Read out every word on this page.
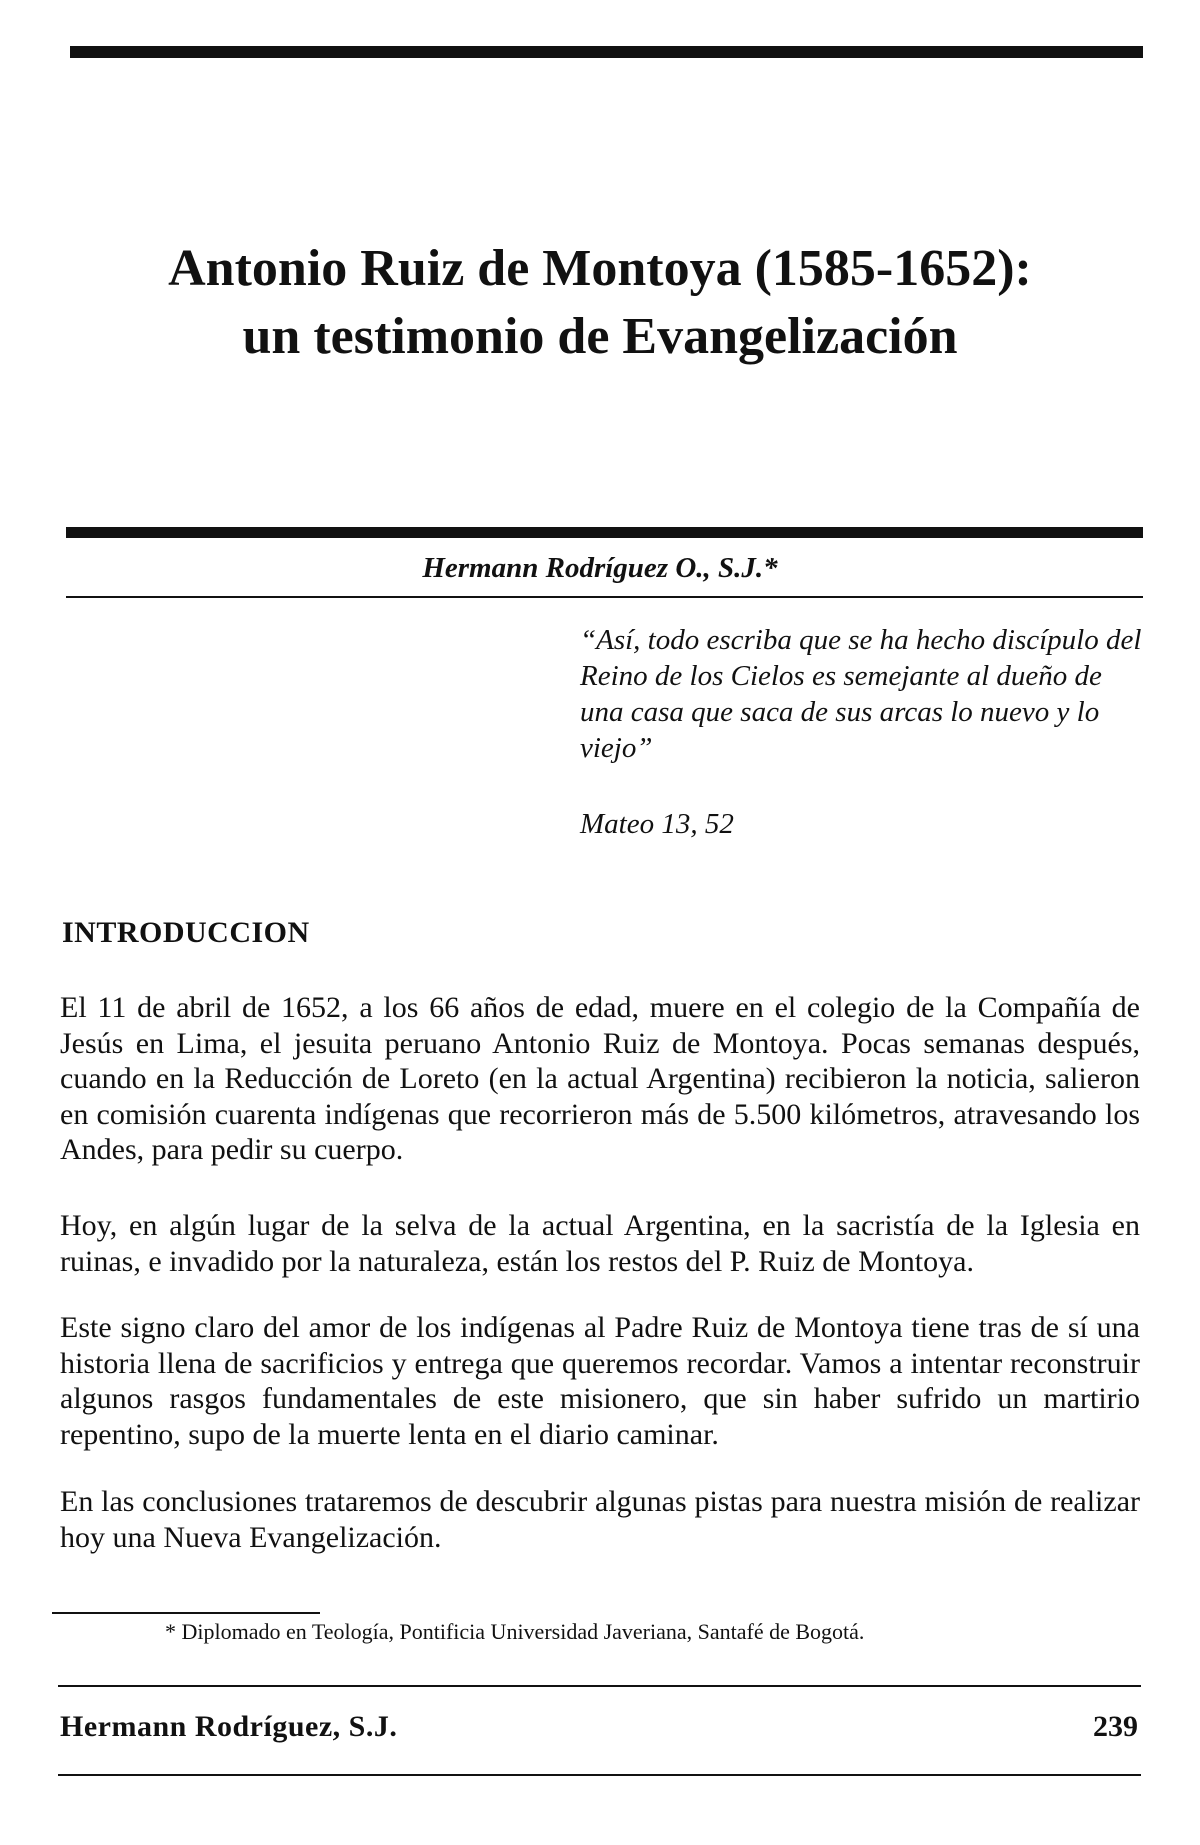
Antonio Ruiz de Montoya (1585-1652):
un testimonio de Evangelización
Hermann Rodríguez O., S.J.*
“Así, todo escriba que se ha hecho discípulo del Reino de los Cielos es semejante al dueño de una casa que saca de sus arcas lo nuevo y lo viejo”
Mateo 13, 52
INTRODUCCION

El 11 de abril de 1652, a los 66 años de edad, muere en el colegio de la Compañía de Jesús en Lima, el jesuita peruano Antonio Ruiz de Montoya. Pocas semanas después, cuando en la Reducción de Loreto (en la actual Argentina) recibieron la noticia, salieron en comisión cuarenta indígenas que recorrieron más de 5.500 kilómetros, atravesando los Andes, para pedir su cuerpo.

Hoy, en algún lugar de la selva de la actual Argentina, en la sacristía de la Iglesia en ruinas, e invadido por la naturaleza, están los restos del P. Ruiz de Montoya.

Este signo claro del amor de los indígenas al Padre Ruiz de Montoya tiene tras de sí una historia llena de sacrificios y entrega que queremos recordar. Vamos a intentar reconstruir algunos rasgos fundamentales de este misionero, que sin haber sufrido un martirio repentino, supo de la muerte lenta en el diario caminar.

En las conclusiones trataremos de descubrir algunas pistas para nuestra misión de realizar hoy una Nueva Evangelización.

* Diplomado en Teología, Pontificia Universidad Javeriana, Santafé de Bogotá.
Hermann Rodríguez, S.J.	239
